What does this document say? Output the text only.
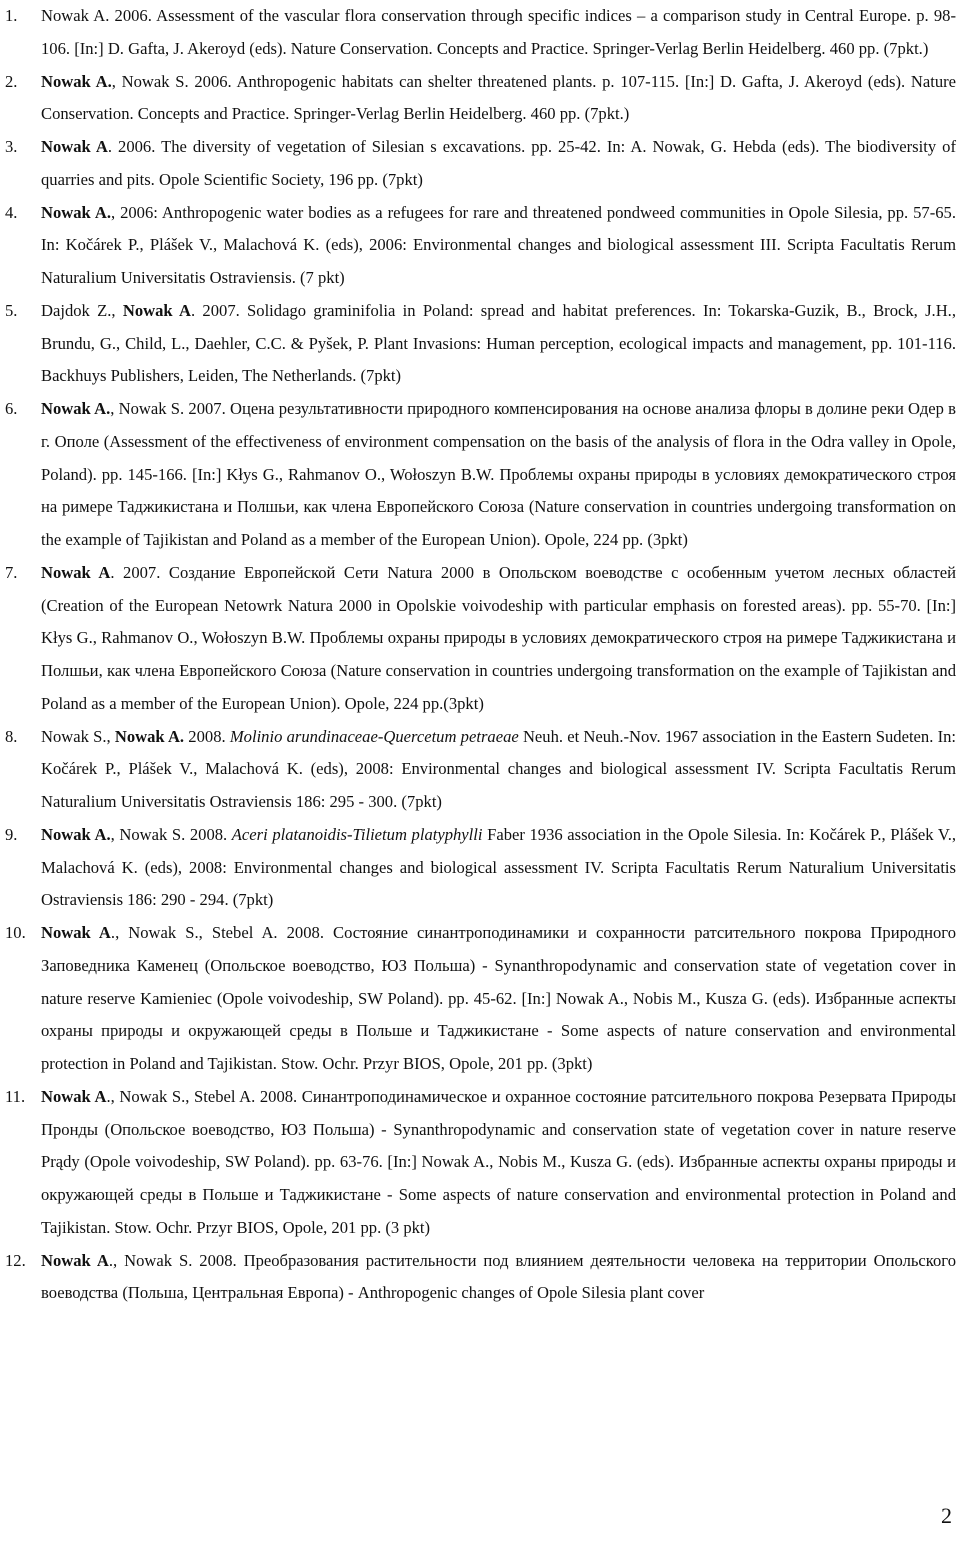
1. Nowak A. 2006. Assessment of the vascular flora conservation through specific indices – a comparison study in Central Europe. p. 98-106. [In:] D. Gafta, J. Akeroyd (eds). Nature Conservation. Concepts and Practice. Springer-Verlag Berlin Heidelberg. 460 pp. (7pkt.)
2. Nowak A., Nowak S. 2006. Anthropogenic habitats can shelter threatened plants. p. 107-115. [In:] D. Gafta, J. Akeroyd (eds). Nature Conservation. Concepts and Practice. Springer-Verlag Berlin Heidelberg. 460 pp. (7pkt.)
3. Nowak A. 2006. The diversity of vegetation of Silesian s excavations. pp. 25-42. In: A. Nowak, G. Hebda (eds). The biodiversity of quarries and pits. Opole Scientific Society, 196 pp. (7pkt)
4. Nowak A., 2006: Anthropogenic water bodies as a refugees for rare and threatened pondweed communities in Opole Silesia, pp. 57-65. In: Kočárek P., Plášek V., Malachová K. (eds), 2006: Environmental changes and biological assessment III. Scripta Facultatis Rerum Naturalium Universitatis Ostraviensis. (7 pkt)
5. Dajdok Z., Nowak A. 2007. Solidago graminifolia in Poland: spread and habitat preferences. In: Tokarska-Guzik, B., Brock, J.H., Brundu, G., Child, L., Daehler, C.C. & Pyšek, P. Plant Invasions: Human perception, ecological impacts and management, pp. 101-116. Backhuys Publishers, Leiden, The Netherlands. (7pkt)
6. Nowak A., Nowak S. 2007. Оцена результативности природного компенсирования на основе анализа флоры в долине реки Одер в г. Ополе (Assessment of the effectiveness of environment compensation on the basis of the analysis of flora in the Odra valley in Opole, Poland). pp. 145-166. [In:] Kłys G., Rahmanov O., Wołoszyn B.W. Проблемы охраны природы в условиях демократического строя на римере Таджикистана и Полшьи, как члена Европейского Союза (Nature conservation in countries undergoing transformation on the example of Tajikistan and Poland as a member of the European Union). Opole, 224 pp. (3pkt)
7. Nowak A. 2007. Создание Европейской Сети Natura 2000 в Опольском воеводстве с особенным учетом лесных областей (Creation of the European Netowrk Natura 2000 in Opolskie voivodeship with particular emphasis on forested areas). pp. 55-70. [In:] Kłys G., Rahmanov O., Wołoszyn B.W. Проблемы охраны природы в условиях демократического строя на римере Таджикистана и Полшьи, как члена Европейского Союза (Nature conservation in countries undergoing transformation on the example of Tajikistan and Poland as a member of the European Union). Opole, 224 pp.(3pkt)
8. Nowak S., Nowak A. 2008. Molinio arundinaceae-Quercetum petraeae Neuh. et Neuh.-Nov. 1967 association in the Eastern Sudeten. In: Kočárek P., Plášek V., Malachová K. (eds), 2008: Environmental changes and biological assessment IV. Scripta Facultatis Rerum Naturalium Universitatis Ostraviensis 186: 295 - 300. (7pkt)
9. Nowak A., Nowak S. 2008. Aceri platanoidis-Tilietum platyphylli Faber 1936 association in the Opole Silesia. In: Kočárek P., Plášek V., Malachová K. (eds), 2008: Environmental changes and biological assessment IV. Scripta Facultatis Rerum Naturalium Universitatis Ostraviensis 186: 290 - 294. (7pkt)
10. Nowak A., Nowak S., Stebel A. 2008. Состояние синантроподинамики и сохранности ратсительного покрова Природного Заповедника Каменец (Опольское воеводство, ЮЗ Польша) - Synanthropodynamic and conservation state of vegetation cover in nature reserve Kamieniec (Opole voivodeship, SW Poland). pp. 45-62. [In:] Nowak A., Nobis M., Kusza G. (eds). Избранные аспекты охраны природы и окружающей среды в Польше и Таджикистане - Some aspects of nature conservation and environmental protection in Poland and Tajikistan. Stow. Ochr. Przyr BIOS, Opole, 201 pp. (3pkt)
11. Nowak A., Nowak S., Stebel A. 2008. Синантроподинамическое и охранное состояние ратсительного покрова Резервата Природы Пронды (Опольское воеводство, ЮЗ Польша) - Synanthropodynamic and conservation state of vegetation cover in nature reserve Prądy (Opole voivodeship, SW Poland). pp. 63-76. [In:] Nowak A., Nobis M., Kusza G. (eds). Избранные аспекты охраны природы и окружающей среды в Польше и Таджикистане - Some aspects of nature conservation and environmental protection in Poland and Tajikistan. Stow. Ochr. Przyr BIOS, Opole, 201 pp. (3 pkt)
12. Nowak A., Nowak S. 2008. Преобразования растительности под влиянием деятельности человека на территории Опольского воеводства (Польша, Центральная Европа) - Anthropogenic changes of Opole Silesia plant cover
2
